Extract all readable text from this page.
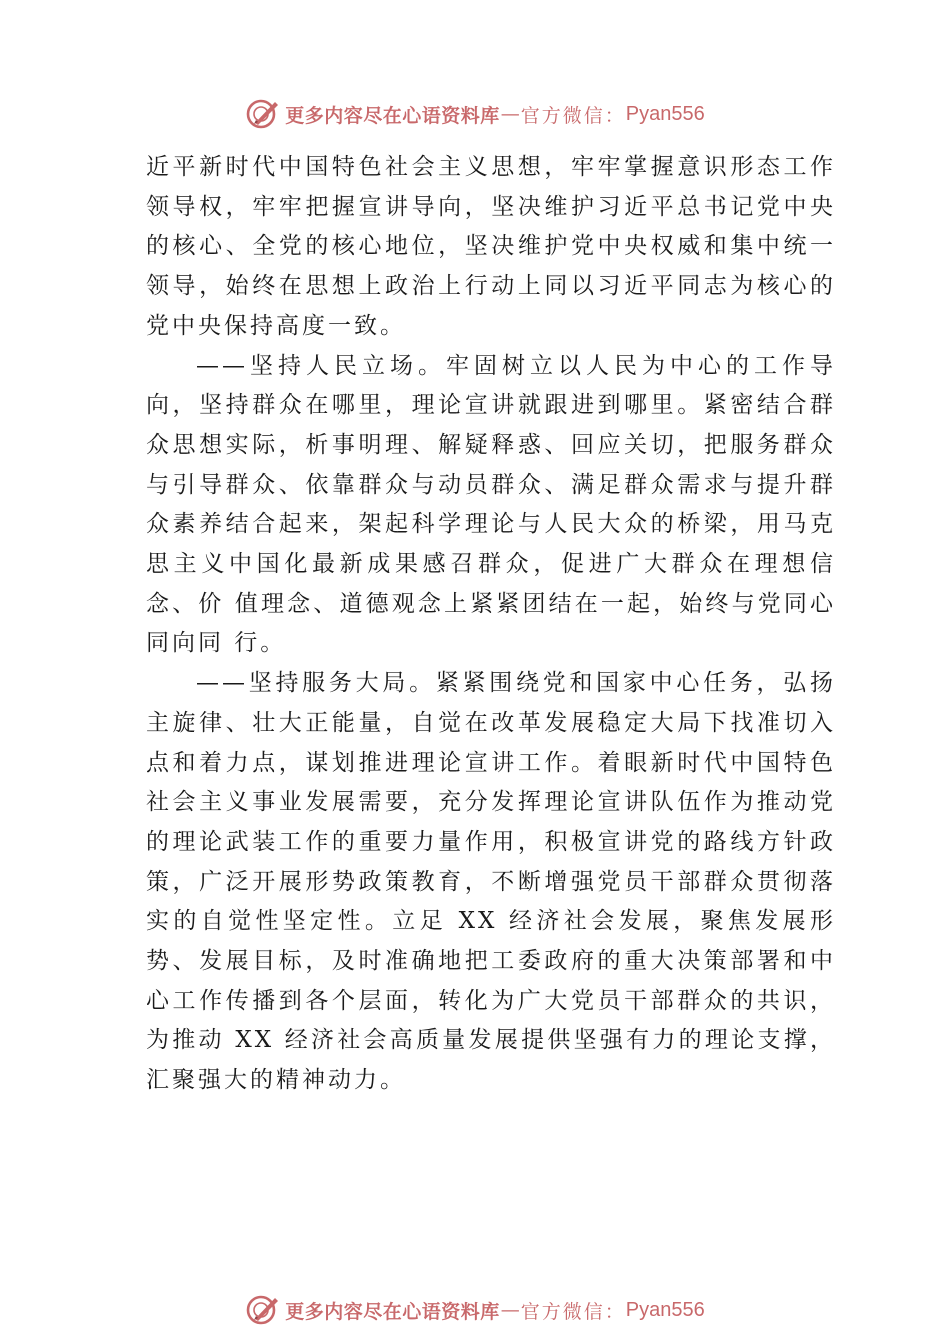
更多内容尽在心语资料库 — 官方微信： Pyan556

近平新时代中国特色社会主义思想，牢牢掌握意识形态工作领导权，牢牢把握宣讲导向，坚决维护习近平总书记党中央的核心、全党的核心地位，坚决维护党中央权威和集中统一领导，始终在思想上政治上行动上同以习近平同志为核心的党中央保持高度一致。

——坚持人民立场。牢固树立以人民为中心的工作导向，坚持群众在哪里，理论宣讲就跟进到哪里。紧密结合群众思想实际，析事明理、解疑释惑、回应关切，把服务群众与引导群众、依靠群众与动员群众、满足群众需求与提升群众素养结合起来，架起科学理论与人民大众的桥梁，用马克思主义中国化最新成果感召群众，促进广大群众在理想信念、价 值理念、道德观念上紧紧团结在一起，始终与党同心同向同 行。

——坚持服务大局。紧紧围绕党和国家中心任务，弘扬主旋律、壮大正能量，自觉在改革发展稳定大局下找准切入点和着力点，谋划推进理论宣讲工作。着眼新时代中国特色社会主义事业发展需要，充分发挥理论宣讲队伍作为推动党的理论武装工作的重要力量作用，积极宣讲党的路线方针政策，广泛开展形势政策教育，不断增强党员干部群众贯彻落实的自觉性坚定性。立足 XX 经济社会发展，聚焦发展形势、发展目标，及时准确地把工委政府的重大决策部署和中心工作传播到各个层面，转化为广大党员干部群众的共识，为推动 XX 经济社会高质量发展提供坚强有力的理论支撑，汇聚强大的精神动力。

更多内容尽在心语资料库 — 官方微信： Pyan556
